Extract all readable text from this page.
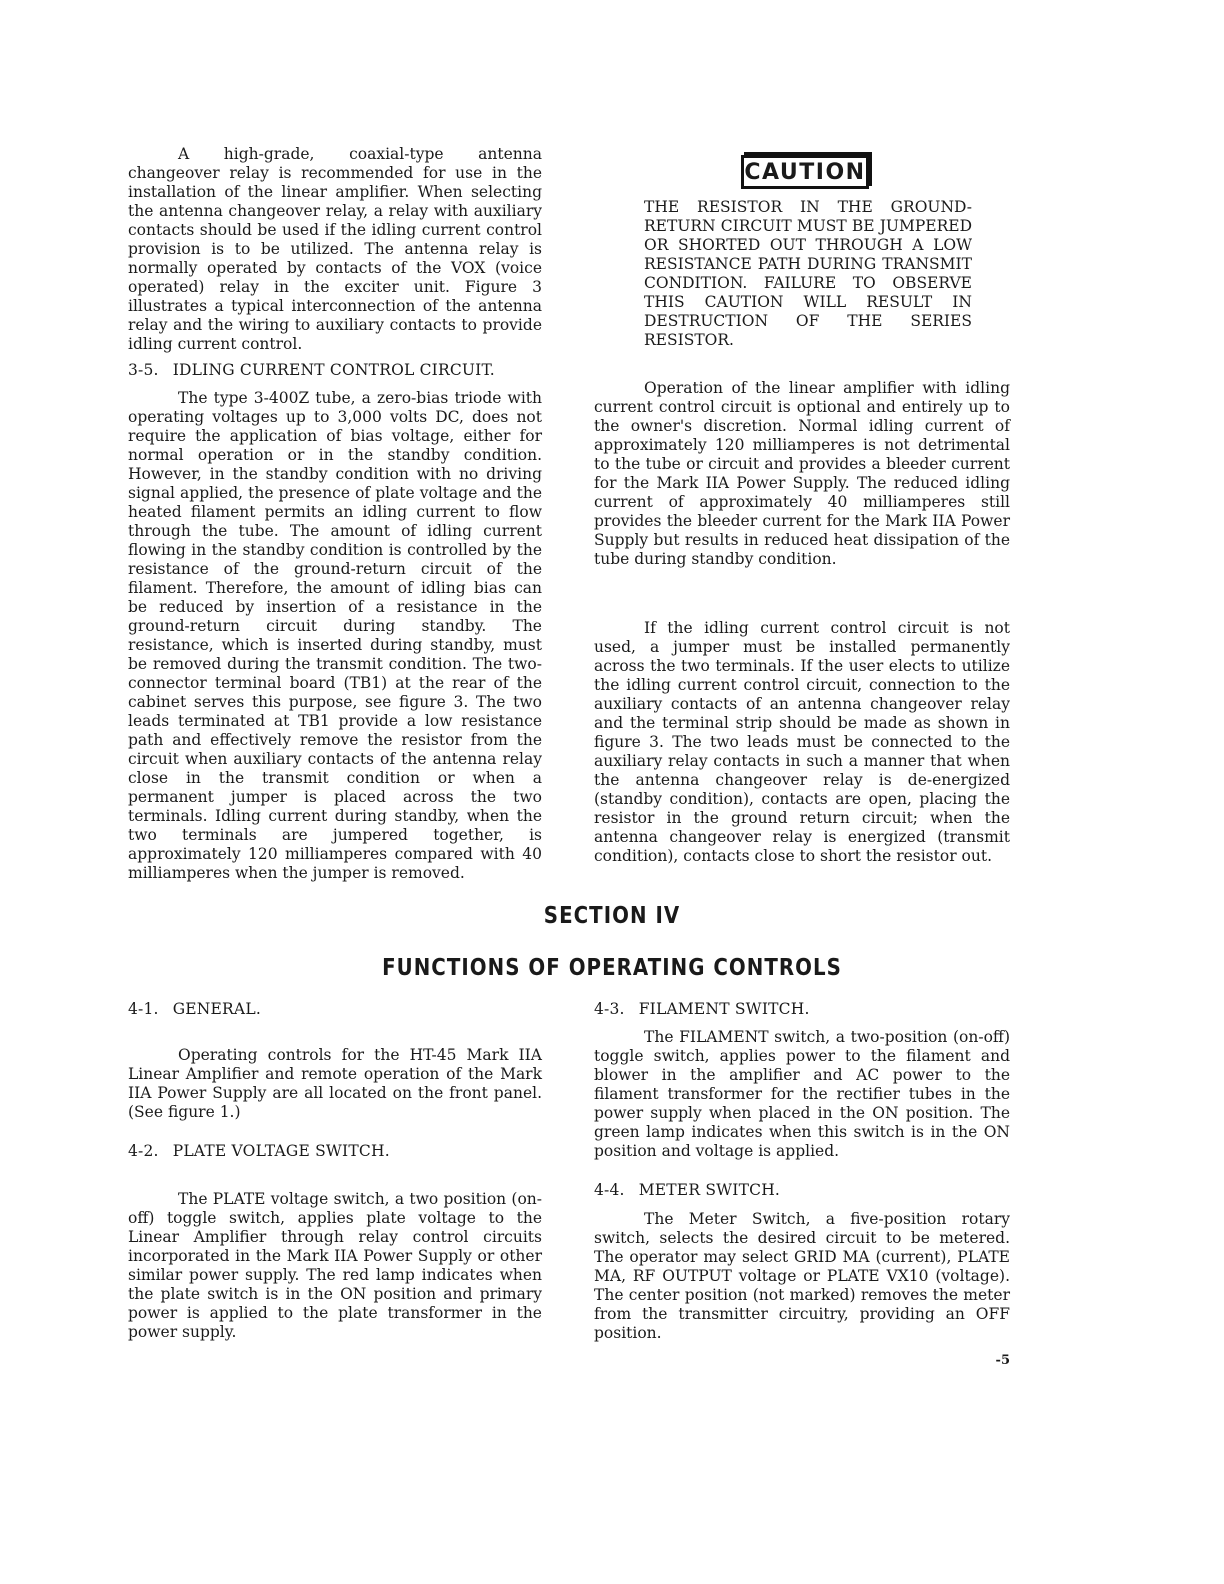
A high-grade, coaxial-type antenna changeover relay is recommended for use in the installation of the linear amplifier. When selecting the antenna changeover relay, a relay with auxiliary contacts should be used if the idling current control provision is to be utilized. The antenna relay is normally operated by contacts of the VOX (voice operated) relay in the exciter unit. Figure 3 illustrates a typical interconnection of the antenna relay and the wiring to auxiliary contacts to provide idling current control.

3-5. IDLING CURRENT CONTROL CIRCUIT.

The type 3-400Z tube, a zero-bias triode with operating voltages up to 3,000 volts DC, does not require the application of bias voltage, either for normal operation or in the standby condition. However, in the standby condition with no driving signal applied, the presence of plate voltage and the heated filament permits an idling current to flow through the tube. The amount of idling current flowing in the standby condition is controlled by the resistance of the ground-return circuit of the filament. Therefore, the amount of idling bias can be reduced by insertion of a resistance in the ground-return circuit during standby. The resistance, which is inserted during standby, must be removed during the transmit condition. The two-connector terminal board (TB1) at the rear of the cabinet serves this purpose, see figure 3. The two leads terminated at TB1 provide a low resistance path and effectively remove the resistor from the circuit when auxiliary contacts of the antenna relay close in the transmit condition or when a permanent jumper is placed across the two terminals. Idling current during standby, when the two terminals are jumpered together, is approximately 120 milliamperes compared with 40 milliamperes when the jumper is removed.

CAUTION
THE RESISTOR IN THE GROUND-RETURN CIRCUIT MUST BE JUMPERED OR SHORTED OUT THROUGH A LOW RESISTANCE PATH DURING TRANSMIT CONDITION. FAILURE TO OBSERVE THIS CAUTION WILL RESULT IN DESTRUCTION OF THE SERIES RESISTOR.

Operation of the linear amplifier with idling current control circuit is optional and entirely up to the owner's discretion. Normal idling current of approximately 120 milliamperes is not detrimental to the tube or circuit and provides a bleeder current for the Mark IIA Power Supply. The reduced idling current of approximately 40 milliamperes still provides the bleeder current for the Mark IIA Power Supply but results in reduced heat dissipation of the tube during standby condition.

If the idling current control circuit is not used, a jumper must be installed permanently across the two terminals. If the user elects to utilize the idling current control circuit, connection to the auxiliary contacts of an antenna changeover relay and the terminal strip should be made as shown in figure 3. The two leads must be connected to the auxiliary relay contacts in such a manner that when the antenna changeover relay is de-energized (standby condition), contacts are open, placing the resistor in the ground return circuit; when the antenna changeover relay is energized (transmit condition), contacts close to short the resistor out.

SECTION IV
FUNCTIONS OF OPERATING CONTROLS
4-1. GENERAL.

Operating controls for the HT-45 Mark IIA Linear Amplifier and remote operation of the Mark IIA Power Supply are all located on the front panel. (See figure 1.)

4-2. PLATE VOLTAGE SWITCH.

The PLATE voltage switch, a two position (on-off) toggle switch, applies plate voltage to the Linear Amplifier through relay control circuits incorporated in the Mark IIA Power Supply or other similar power supply. The red lamp indicates when the plate switch is in the ON position and primary power is applied to the plate transformer in the power supply.

4-3. FILAMENT SWITCH.

The FILAMENT switch, a two-position (on-off) toggle switch, applies power to the filament and blower in the amplifier and AC power to the filament transformer for the rectifier tubes in the power supply when placed in the ON position. The green lamp indicates when this switch is in the ON position and voltage is applied.

4-4. METER SWITCH.

The Meter Switch, a five-position rotary switch, selects the desired circuit to be metered. The operator may select GRID MA (current), PLATE MA, RF OUTPUT voltage or PLATE VX10 (voltage). The center position (not marked) removes the meter from the transmitter circuitry, providing an OFF position.

-5
